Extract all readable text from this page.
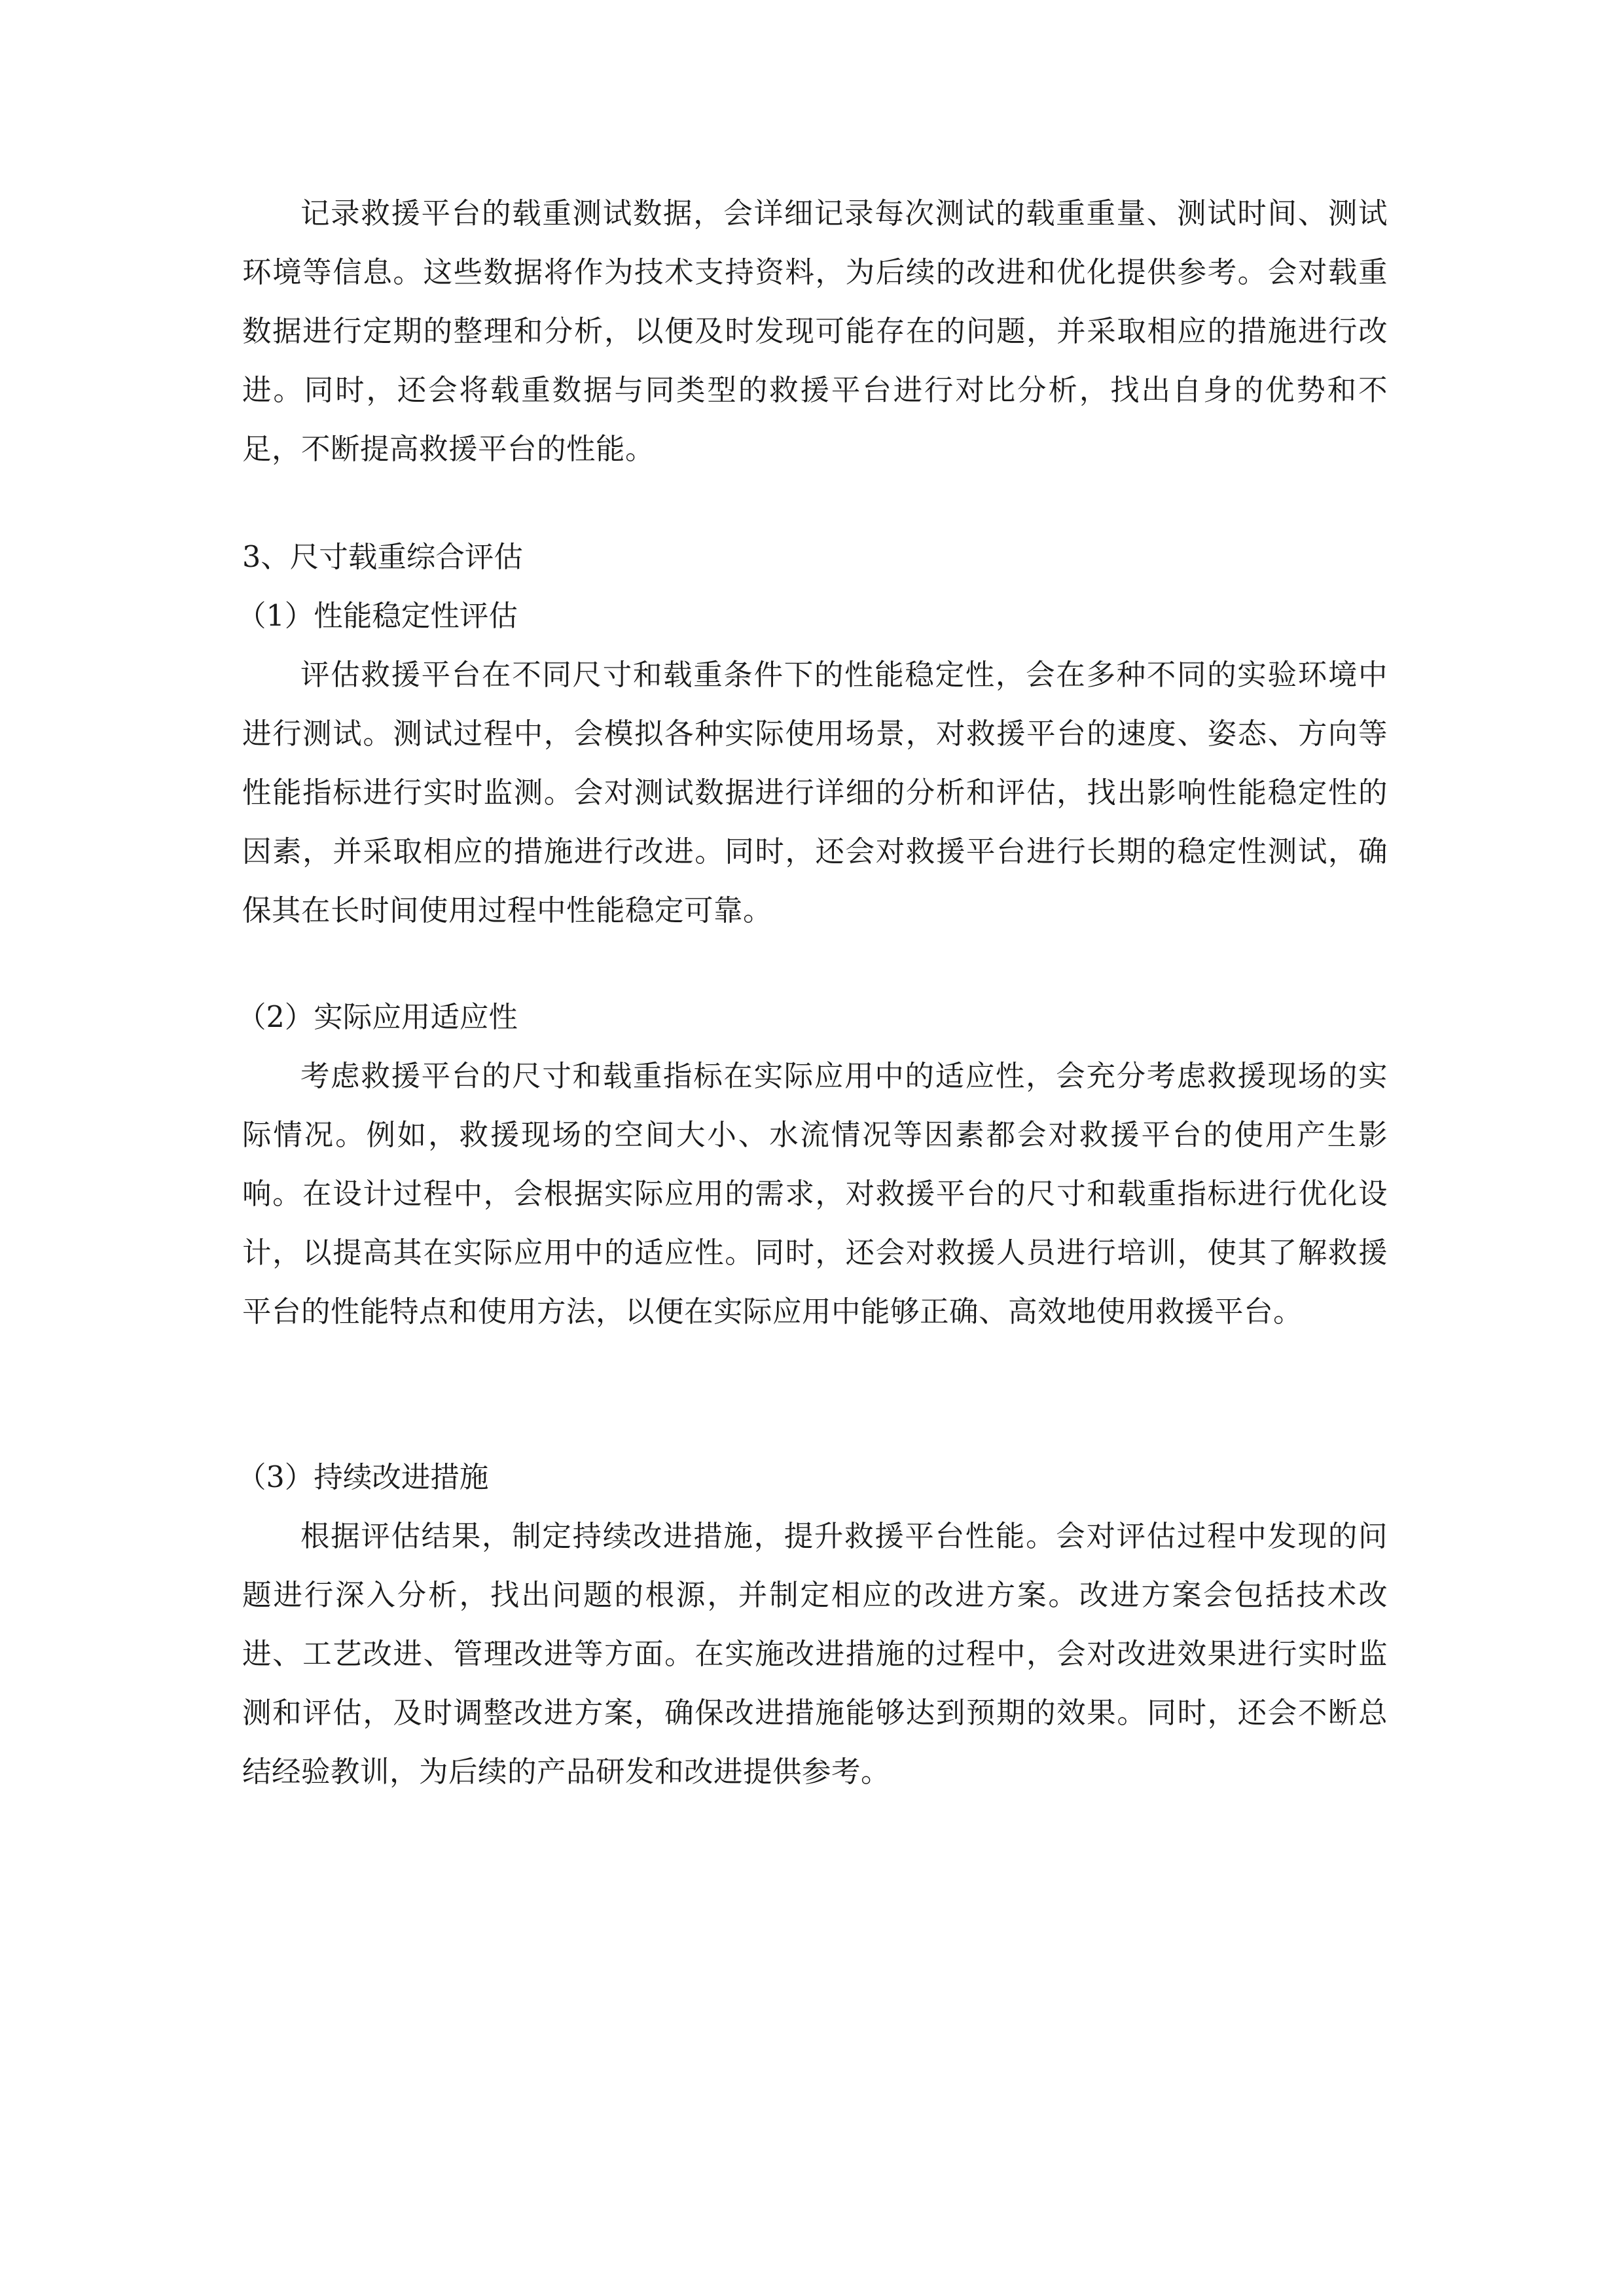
记录救援平台的载重测试数据，会详细记录每次测试的载重重量、测试时间、测试环境等信息。这些数据将作为技术支持资料，为后续的改进和优化提供参考。会对载重数据进行定期的整理和分析，以便及时发现可能存在的问题，并采取相应的措施进行改进。同时，还会将载重数据与同类型的救援平台进行对比分析，找出自身的优势和不足，不断提高救援平台的性能。

3、尺寸载重综合评估
（1）性能稳定性评估

评估救援平台在不同尺寸和载重条件下的性能稳定性，会在多种不同的实验环境中进行测试。测试过程中，会模拟各种实际使用场景，对救援平台的速度、姿态、方向等性能指标进行实时监测。会对测试数据进行详细的分析和评估，找出影响性能稳定性的因素，并采取相应的措施进行改进。同时，还会对救援平台进行长期的稳定性测试，确保其在长时间使用过程中性能稳定可靠。

（2）实际应用适应性

考虑救援平台的尺寸和载重指标在实际应用中的适应性，会充分考虑救援现场的实际情况。例如，救援现场的空间大小、水流情况等因素都会对救援平台的使用产生影响。在设计过程中，会根据实际应用的需求，对救援平台的尺寸和载重指标进行优化设计，以提高其在实际应用中的适应性。同时，还会对救援人员进行培训，使其了解救援平台的性能特点和使用方法，以便在实际应用中能够正确、高效地使用救援平台。

（3）持续改进措施

根据评估结果，制定持续改进措施，提升救援平台性能。会对评估过程中发现的问题进行深入分析，找出问题的根源，并制定相应的改进方案。改进方案会包括技术改进、工艺改进、管理改进等方面。在实施改进措施的过程中，会对改进效果进行实时监测和评估，及时调整改进方案，确保改进措施能够达到预期的效果。同时，还会不断总结经验教训，为后续的产品研发和改进提供参考。
